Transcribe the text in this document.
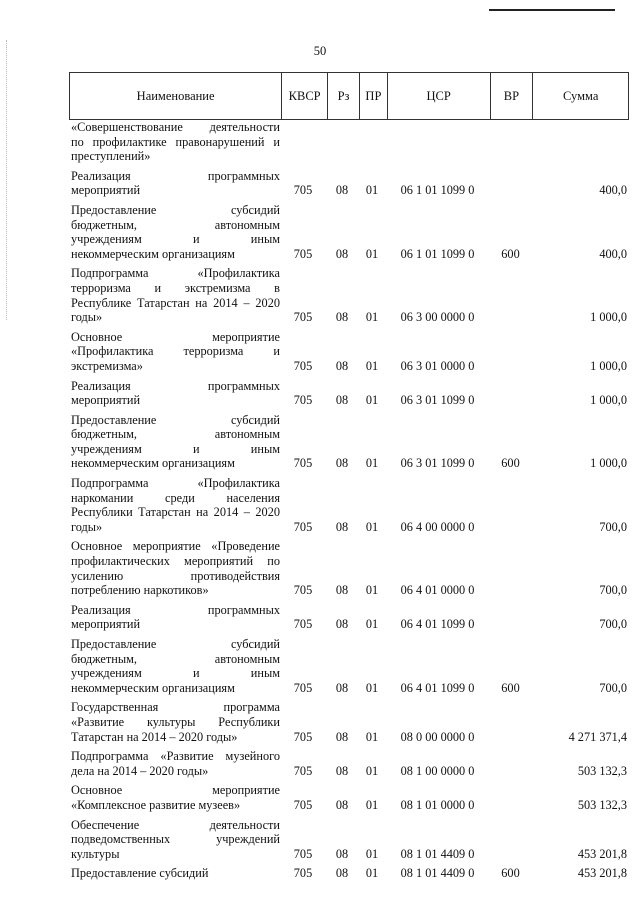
50
Наименование	КВСР	Рз	ПР	ЦСР	ВР	Сумма
«Совершенствование деятельности
по профилактике правонарушений и
преступлений»
Реализация программных
мероприятий	705	08	01	06 1 01 1099 0	400,0
Предоставление субсидий
бюджетным, автономным
учреждениям и иным
некоммерческим организациям	705	08	01	06 1 01 1099 0	600	400,0
Подпрограмма «Профилактика
терроризма и экстремизма в
Республике Татарстан на 2014 – 2020
годы»	705	08	01	06 3 00 0000 0	1 000,0
Основное мероприятие
«Профилактика терроризма и
экстремизма»	705	08	01	06 3 01 0000 0	1 000,0
Реализация программных
мероприятий	705	08	01	06 3 01 1099 0	1 000,0
Предоставление субсидий
бюджетным, автономным
учреждениям и иным
некоммерческим организациям	705	08	01	06 3 01 1099 0	600	1 000,0
Подпрограмма «Профилактика
наркомании среди населения
Республики Татарстан на 2014 – 2020
годы»	705	08	01	06 4 00 0000 0	700,0
Основное мероприятие «Проведение
профилактических мероприятий по
усилению противодействия
потреблению наркотиков»	705	08	01	06 4 01 0000 0	700,0
Реализация программных
мероприятий	705	08	01	06 4 01 1099 0	700,0
Предоставление субсидий
бюджетным, автономным
учреждениям и иным
некоммерческим организациям	705	08	01	06 4 01 1099 0	600	700,0
Государственная программа
«Развитие культуры Республики
Татарстан на 2014 – 2020 годы»	705	08	01	08 0 00 0000 0	4 271 371,4
Подпрограмма «Развитие музейного
дела на 2014 – 2020 годы»	705	08	01	08 1 00 0000 0	503 132,3
Основное мероприятие
«Комплексное развитие музеев»	705	08	01	08 1 01 0000 0	503 132,3
Обеспечение деятельности
подведомственных учреждений
культуры	705	08	01	08 1 01 4409 0	453 201,8
Предоставление субсидий	705	08	01	08 1 01 4409 0	600	453 201,8
